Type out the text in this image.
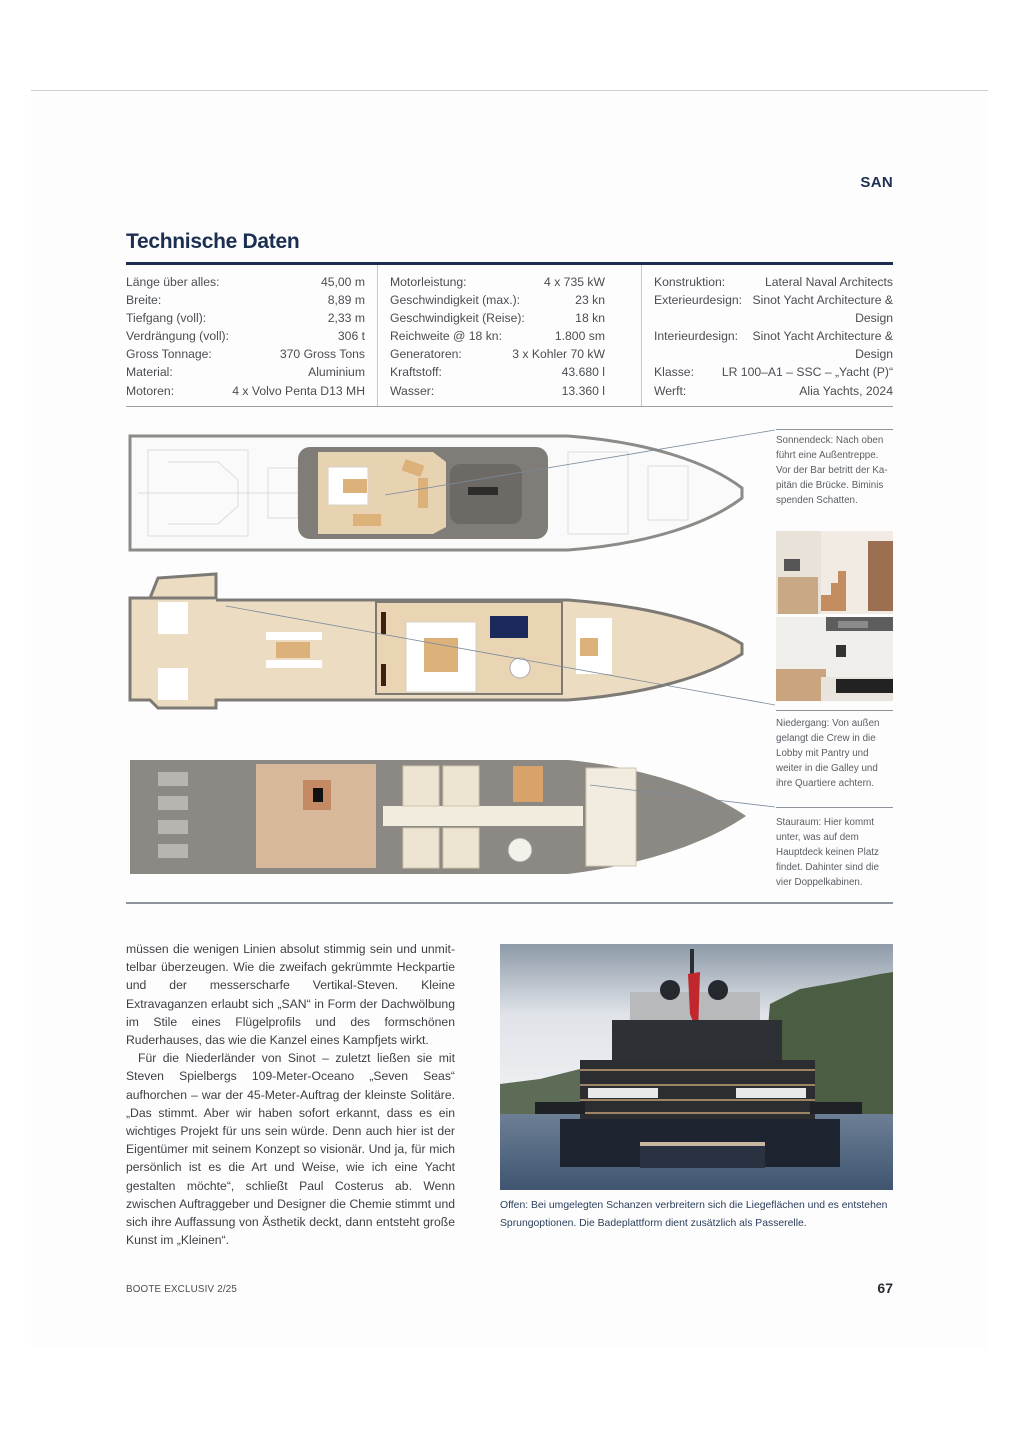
SAN
Technische Daten
Länge über alles:	45,00 m
Breite:	8,89 m
Tiefgang (voll):	2,33 m
Verdrängung (voll):	306 t
Gross Tonnage:	370 Gross Tons
Material:	Aluminium
Motoren:	4 x Volvo Penta D13 MH
Motorleistung:	4 x 735 kW
Geschwindigkeit (max.):	23 kn
Geschwindigkeit (Reise):	18 kn
Reichweite @ 18 kn:	1.800 sm
Generatoren:	3 x Kohler 70 kW
Kraftstoff:	43.680 l
Wasser:	13.360 l
Konstruktion:	Lateral Naval Architects
Exterieurdesign: Sinot Yacht Architecture & Design
Interieurdesign:	Sinot Yacht Architecture & Design
Klasse: LR 100–A1 – SSC – „Yacht (P)“
Werft:	Alia Yachts, 2024
Sonnendeck: Nach oben führt eine Außentreppe. Vor der Bar betritt der Kapitän die Brücke. Biminis spenden Schatten.
Niedergang: Von außen gelangt die Crew in die Lobby mit Pantry und weiter in die Galley und ihre Quartiere achtern.
Stauraum: Hier kommt unter, was auf dem Hauptdeck keinen Platz findet. Dahinter sind die vier Doppelkabinen.

müssen die wenigen Linien absolut stimmig sein und unmittelbar überzeugen. Wie die zweifach gekrümmte Heckpartie und der messerscharfe Vertikal-Steven. Kleine Extravaganzen erlaubt sich „SAN“ in Form der Dachwölbung im Stile eines Flügelprofils und des formschönen Ruderhauses, das wie die Kanzel eines Kampfjets wirkt.

Für die Niederländer von Sinot – zuletzt ließen sie mit Steven Spielbergs 109-Meter-Oceano „Seven Seas“ aufhorchen – war der 45-Meter-Auftrag der kleinste Solitäre. „Das stimmt. Aber wir haben sofort erkannt, dass es ein wichtiges Projekt für uns sein würde. Denn auch hier ist der Eigentümer mit seinem Konzept so visionär. Und ja, für mich persönlich ist es die Art und Weise, wie ich eine Yacht gestalten möchte“, schließt Paul Costerus ab. Wenn zwischen Auftraggeber und Designer die Chemie stimmt und sich ihre Auffassung von Ästhetik deckt, dann entsteht große Kunst im „Kleinen“.

Offen: Bei umgelegten Schanzen verbreitern sich die Liegeflächen und es entstehen Sprungoptionen. Die Badeplattform dient zusätzlich als Passerelle.
BOOTE EXCLUSIV 2/25	67
